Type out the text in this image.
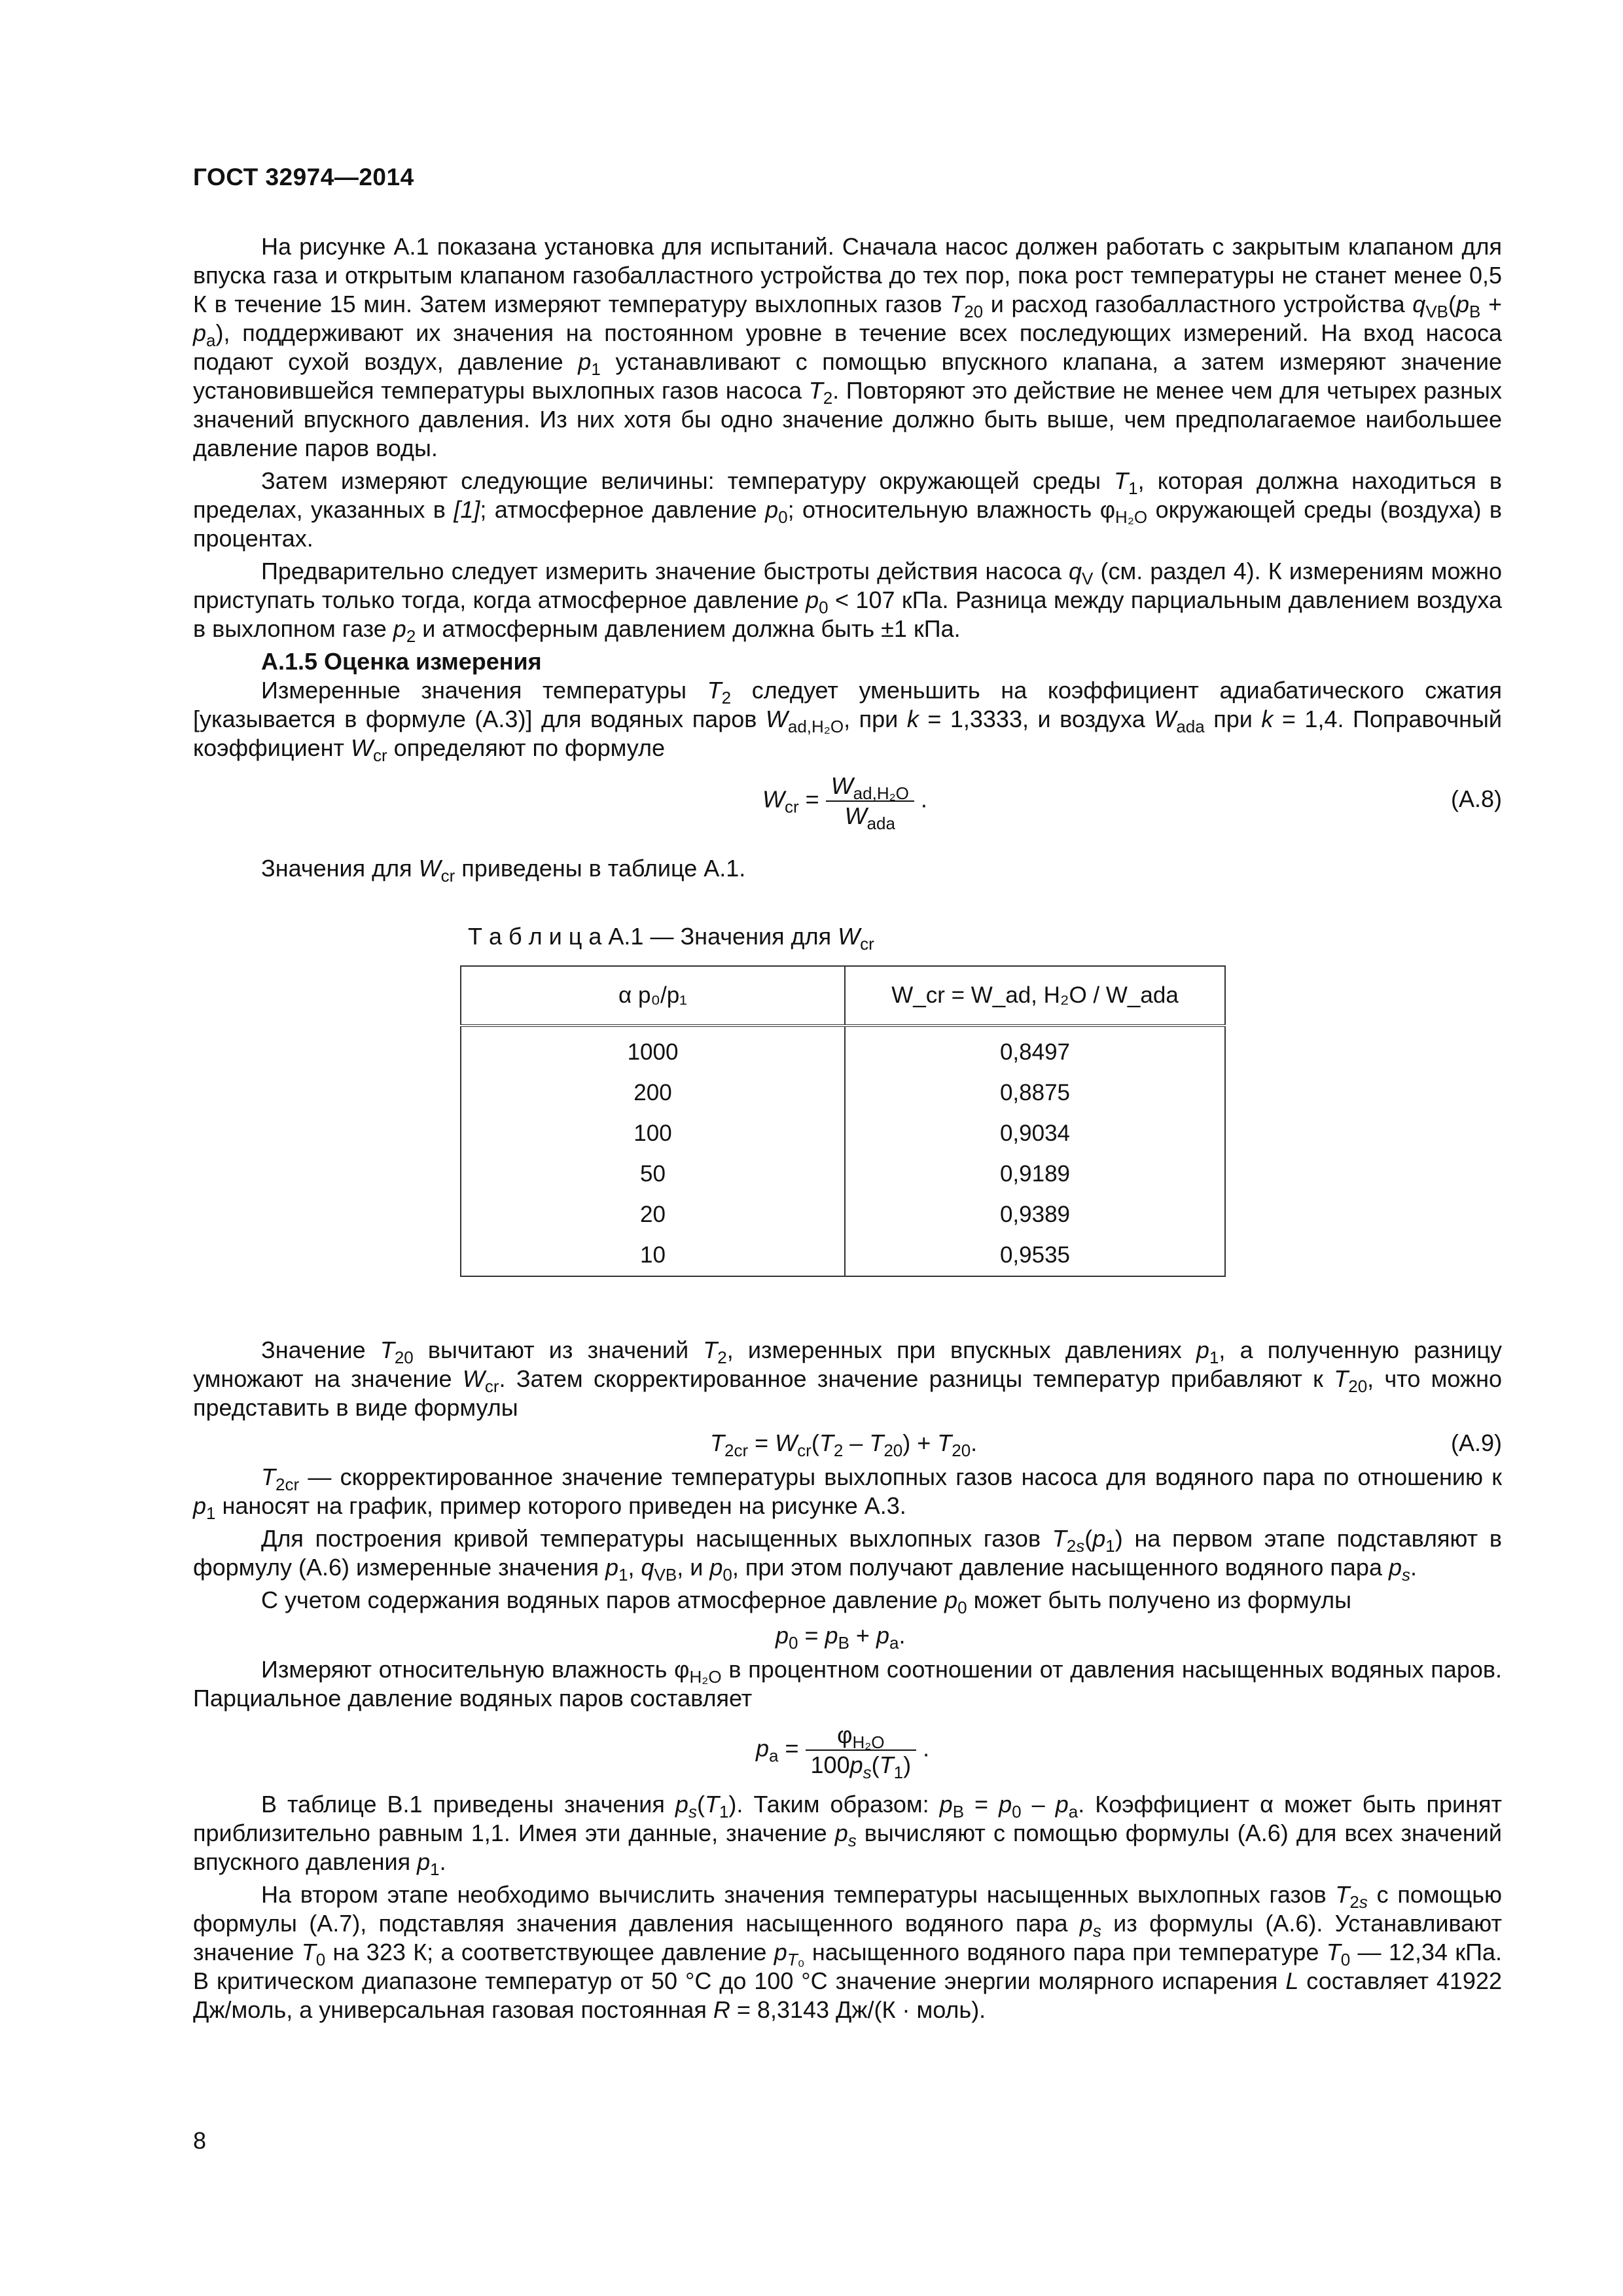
ГОСТ 32974—2014

На рисунке А.1 показана установка для испытаний. Сначала насос должен работать с закрытым клапаном для впуска газа и открытым клапаном газобалластного устройства до тех пор, пока рост температуры не станет менее 0,5 К в течение 15 мин. Затем измеряют температуру выхлопных газов $T_{20}$ и расход газобалластного устройства $q_{VB}(p_B + p_a)$, поддерживают их значения на постоянном уровне в течение всех последующих измерений. На вход насоса подают сухой воздух, давление $p_1$ устанавливают с помощью впускного клапана, а затем измеряют значение установившейся температуры выхлопных газов насоса $T_2$. Повторяют это действие не менее чем для четырех разных значений впускного давления. Из них хотя бы одно значение должно быть выше, чем предполагаемое наибольшее давление паров воды.

Затем измеряют следующие величины: температуру окружающей среды $T_1$, которая должна находиться в пределах, указанных в [1]; атмосферное давление $p_0$; относительную влажность $\varphi_{H_2O}$ окружающей среды (воздуха) в процентах.

Предварительно следует измерить значение быстроты действия насоса $q_V$ (см. раздел 4). К измерениям можно приступать только тогда, когда атмосферное давление $p_0 < 107$ кПа. Разница между парциальным давлением воздуха в выхлопном газе $p_2$ и атмосферным давлением должна быть ±1 кПа.

А.1.5 Оценка измерения

Измеренные значения температуры $T_2$ следует уменьшить на коэффициент адиабатического сжатия [указывается в формуле (А.3)] для водяных паров $W_{ad,H_2O}$, при k = 1,3333, и воздуха $W_{ada}$ при k = 1,4. Поправочный коэффициент $W_{cr}$ определяют по формуле

$W_{cr} = \frac{W_{ad,H_2O}}{W_{ada}}$ .	(А.8)

Значения для $W_{cr}$ приведены в таблице А.1.

Т а б л и ц а А.1 — Значения для $W_{cr}$
α p₀/p₁	W_cr = W_ad, H₂O / W_ada
1000	0,8497
200	0,8875
100	0,9034
50	0,9189
20	0,9389
10	0,9535

Значение $T_{20}$ вычитают из значений $T_2$, измеренных при впускных давлениях $p_1$, а полученную разницу умножают на значение $W_{cr}$. Затем скорректированное значение разницы температур прибавляют к $T_{20}$, что можно представить в виде формулы

$T_{2cr} = W_{cr}(T_2 - T_{20}) + T_{20}$.	(А.9)

$T_{2cr}$ — скорректированное значение температуры выхлопных газов насоса для водяного пара по отношению к $p_1$ наносят на график, пример которого приведен на рисунке А.3.

Для построения кривой температуры насыщенных выхлопных газов $T_{2s}(p_1)$ на первом этапе подставляют в формулу (А.6) измеренные значения $p_1$, $q_{VB}$, и $p_0$, при этом получают давление насыщенного водяного пара $p_s$.

С учетом содержания водяных паров атмосферное давление $p_0$ может быть получено из формулы

$p_0 = p_B + p_a$.

Измеряют относительную влажность $\varphi_{H_2O}$ в процентном соотношении от давления насыщенных водяных паров. Парциальное давление водяных паров составляет

$p_a = \frac{\varphi_{H_2O}}{100p_s(T_1)}$ .

В таблице В.1 приведены значения $p_s(T_1)$. Таким образом: $p_B = p_0 - p_a$. Коэффициент α может быть принят приблизительно равным 1,1. Имея эти данные, значение $p_s$ вычисляют с помощью формулы (А.6) для всех значений впускного давления $p_1$.

На втором этапе необходимо вычислить значения температуры насыщенных выхлопных газов $T_{2s}$ с помощью формулы (А.7), подставляя значения давления насыщенного водяного пара $p_s$ из формулы (А.6). Устанавливают значение $T_0$ на 323 К; а соответствующее давление $p_{T_0}$ насыщенного водяного пара при температуре $T_0$ — 12,34 кПа. В критическом диапазоне температур от 50 °С до 100 °С значение энергии молярного испарения L составляет 41922 Дж/моль, а универсальная газовая постоянная R = 8,3143 Дж/(К · моль).

8
